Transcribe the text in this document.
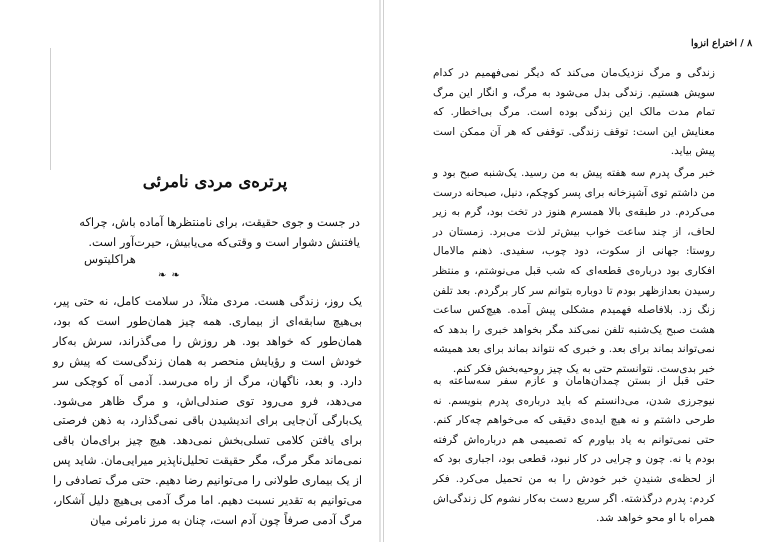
پرتره‌ی مردی نامرئی
در جست و جوی حقیقت، برای نامنتظرها آماده باش، چراکه یافتنش دشوار است و وقتی‌که می‌یابیش، حیرت‌آور است.
هراکلیتوس
❧ ❧
یک روز، زندگی هست. مردی مثلاً، در سلامت کامل، نه حتی پیر، بی‌هیچ سابقه‌ای از بیماری. همه چیز همان‌طور است که بود، همان‌طور که خواهد بود. هر روزش را می‌گذراند، سرش به‌کار خودش است و رؤیایش منحصر به همان زندگی‌ست که پیش رو دارد. و بعد، ناگهان، مرگ از راه می‌رسد. آدمی آه کوچکی سر می‌دهد، فرو می‌رود توی صندلی‌اش، و مرگ ظاهر می‌شود. یک‌بارگی آن‌جایی برای اندیشیدن باقی نمی‌گذارد، به ذهن فرصتی برای یافتن کلامی تسلی‌بخش نمی‌دهد. هیچ چیز برای‌مان باقی نمی‌ماند مگر مرگ، مگر حقیقت تحلیل‌ناپذیر میرایی‌مان. شاید پس از یک بیماری طولانی را می‌توانیم رضا دهیم. حتی مرگ تصادفی را می‌توانیم به تقدیر نسبت دهیم. اما مرگ آدمی بی‌هیچ دلیل آشکار، مرگ آدمی صرفاً چون آدم است، چنان به مرز نامرئی میان
۸ / اختراع انزوا
زندگی و مرگ نزدیک‌مان می‌کند که دیگر نمی‌فهمیم در کدام سویش هستیم. زندگی بدل می‌شود به مرگ، و انگار این مرگ تمام مدت مالک این زندگی بوده است. مرگ بی‌اخطار. که معنایش این است: توقف زندگی. توقفی که هر آن ممکن است پیش بیاید.
خبر مرگ پدرم سه هفته پیش به من رسید. یک‌شنبه صبح بود و من داشتم توی آشپزخانه برای پسر کوچکم، دنیل، صبحانه درست می‌کردم. در طبقه‌ی بالا همسرم هنوز در تخت بود، گرم به زیر لحاف، از چند ساعت خواب بیش‌تر لذت می‌برد. زمستان در روستا: جهانی از سکوت، دود چوب، سفیدی. ذهنم مالامال افکاری بود درباره‌ی قطعه‌ای که شب قبل می‌نوشتم، و منتظر رسیدن بعدازظهر بودم تا دوباره بتوانم سر کار برگردم. بعد تلفن زنگ زد. بلافاصله فهمیدم مشکلی پیش آمده. هیچ‌کس ساعت هشت صبح یک‌شنبه تلفن نمی‌کند مگر بخواهد خبری را بدهد که نمی‌تواند بماند برای بعد. و خبری که نتواند بماند برای بعد همیشه خبر بدی‌ست. نتوانستم حتی به یک چیز روحیه‌بخش فکر کنم.
حتی قبل از بستن چمدان‌هامان و عازم سفر سه‌ساعته به نیوجرزی شدن، می‌دانستم که باید درباره‌ی پدرم بنویسم. نه طرحی داشتم و نه هیچ ایده‌ی دقیقی که می‌خواهم چه‌کار کنم. حتی نمی‌توانم به یاد بیاورم که تصمیمی هم درباره‌اش گرفته بودم یا نه. چون و چرایی در کار نبود، قطعی بود، اجباری بود که از لحظه‌ی شنیدنِ خبر خودش را به من تحمیل می‌کرد. فکر کردم: پدرم درگذشته. اگر سریع دست به‌کار نشوم کل زندگی‌اش همراه با او محو خواهد شد.
